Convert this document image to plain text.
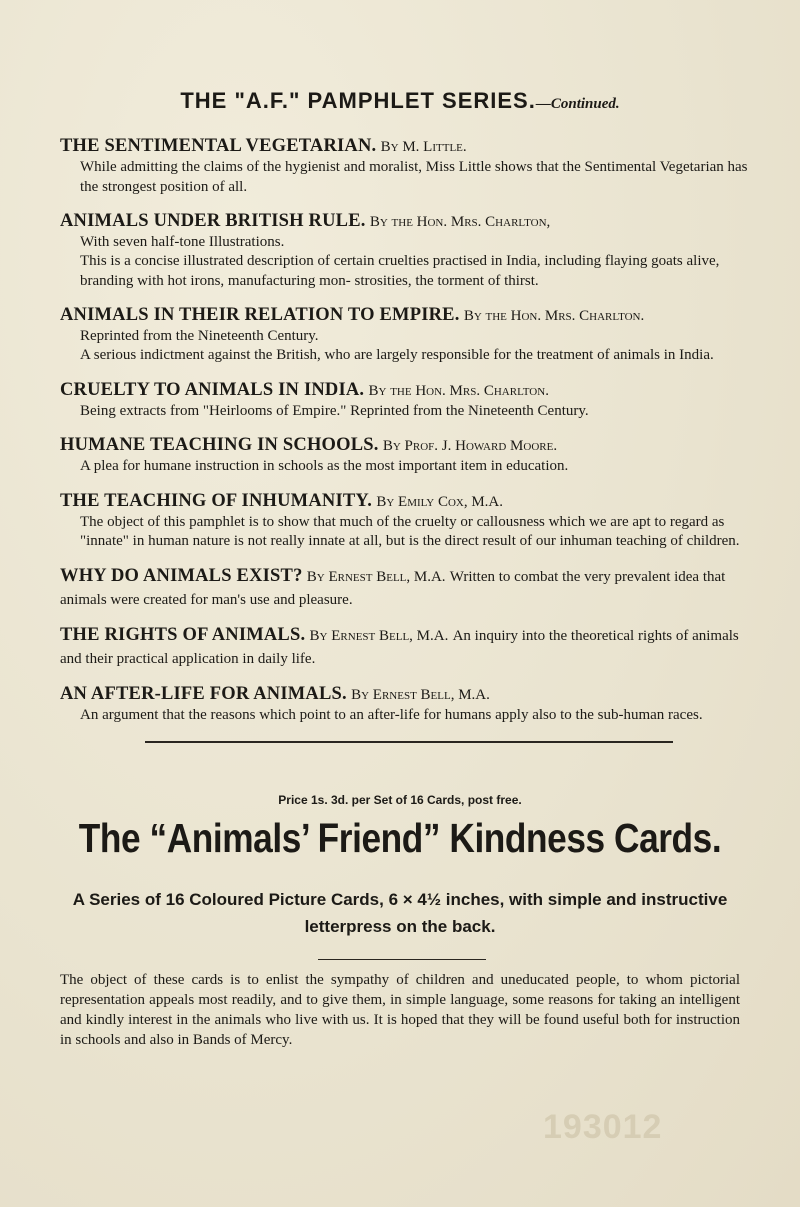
THE "A.F." PAMPHLET SERIES.—Continued.
THE SENTIMENTAL VEGETARIAN. By M. Little.
While admitting the claims of the hygienist and moralist, Miss Little shows that the Sentimental Vegetarian has the strongest position of all.
ANIMALS UNDER BRITISH RULE. By the Hon. Mrs. Charlton,
With seven half-tone Illustrations.
This is a concise illustrated description of certain cruelties practised in India, including flaying goats alive, branding with hot irons, manufacturing mon- strosities, the torment of thirst.
ANIMALS IN THEIR RELATION TO EMPIRE. By the Hon. Mrs. Charlton.
Reprinted from the Nineteenth Century.
A serious indictment against the British, who are largely responsible for the treatment of animals in India.
CRUELTY TO ANIMALS IN INDIA. By the Hon. Mrs. Charlton.
Being extracts from "Heirlooms of Empire." Reprinted from the Nineteenth Century.
HUMANE TEACHING IN SCHOOLS. By Prof. J. Howard Moore.
A plea for humane instruction in schools as the most important item in education.
THE TEACHING OF INHUMANITY. By Emily Cox, M.A.
The object of this pamphlet is to show that much of the cruelty or callousness which we are apt to regard as "innate" in human nature is not really innate at all, but is the direct result of our inhuman teaching of children.
WHY DO ANIMALS EXIST? By Ernest Bell, M.A. Written to combat the very prevalent idea that animals were created for man's use and pleasure.
THE RIGHTS OF ANIMALS. By Ernest Bell, M.A. An inquiry into the theoretical rights of animals and their practical application in daily life.
AN AFTER-LIFE FOR ANIMALS. By Ernest Bell, M.A.
An argument that the reasons which point to an after-life for humans apply also to the sub-human races.
Price 1s. 3d. per Set of 16 Cards, post free.
The “Animals’ Friend” Kindness Cards.
A Series of 16 Coloured Picture Cards, 6 × 4½ inches, with simple and instructive letterpress on the back.
The object of these cards is to enlist the sympathy of children and uneducated people, to whom pictorial representation appeals most readily, and to give them, in simple language, some reasons for taking an intelligent and kindly interest in the animals who live with us. It is hoped that they will be found useful both for instruction in schools and also in Bands of Mercy.
193012
